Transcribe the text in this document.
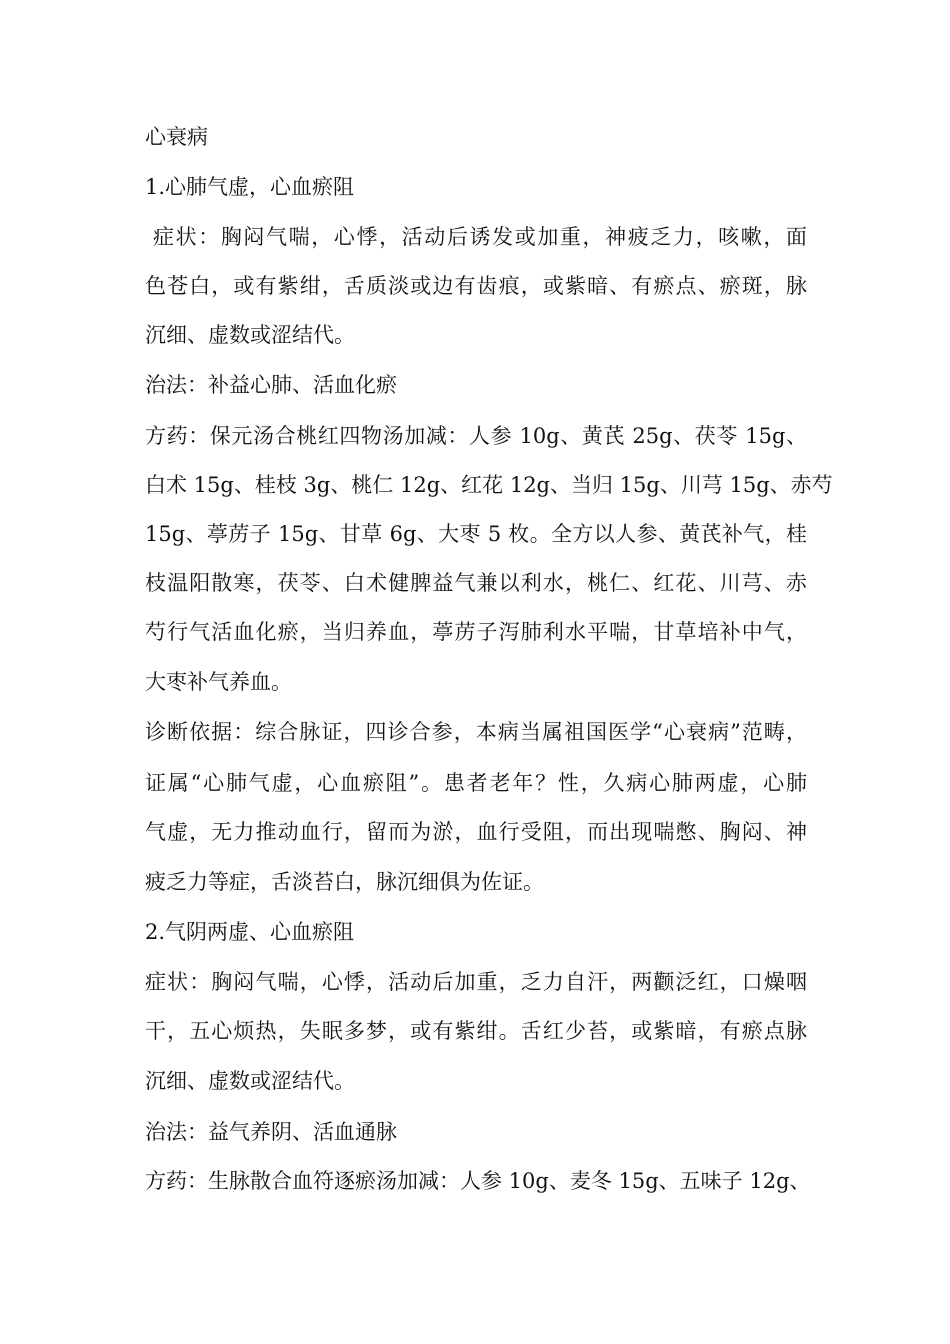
心衰病

1.心肺气虚，心血瘀阻

症状：胸闷气喘，心悸，活动后诱发或加重，神疲乏力，咳嗽，面

色苍白，或有紫绀，舌质淡或边有齿痕，或紫暗、有瘀点、瘀斑，脉

沉细、虚数或涩结代。

治法：补益心肺、活血化瘀

方药：保元汤合桃红四物汤加减：人参 10g、黄芪 25g、茯苓 15g、

白术 15g、桂枝 3g、桃仁 12g、红花 12g、当归 15g、川芎 15g、赤芍

15g、葶苈子 15g、甘草 6g、大枣 5 枚。全方以人参、黄芪补气，桂

枝温阳散寒，茯苓、白术健脾益气兼以利水，桃仁、红花、川芎、赤

芍行气活血化瘀，当归养血，葶苈子泻肺利水平喘，甘草培补中气，

大枣补气养血。

诊断依据：综合脉证，四诊合参，本病当属祖国医学“心衰病”范畴，

证属“心肺气虚，心血瘀阻”。患者老年？性，久病心肺两虚，心肺

气虚，无力推动血行，留而为淤，血行受阻，而出现喘憋、胸闷、神

疲乏力等症，舌淡苔白，脉沉细俱为佐证。

2.气阴两虚、心血瘀阻

症状：胸闷气喘，心悸，活动后加重，乏力自汗，两颧泛红，口燥咽

干，五心烦热，失眠多梦，或有紫绀。舌红少苔，或紫暗，有瘀点脉

沉细、虚数或涩结代。

治法：益气养阴、活血通脉

方药：生脉散合血符逐瘀汤加减：人参 10g、麦冬 15g、五味子 12g、
